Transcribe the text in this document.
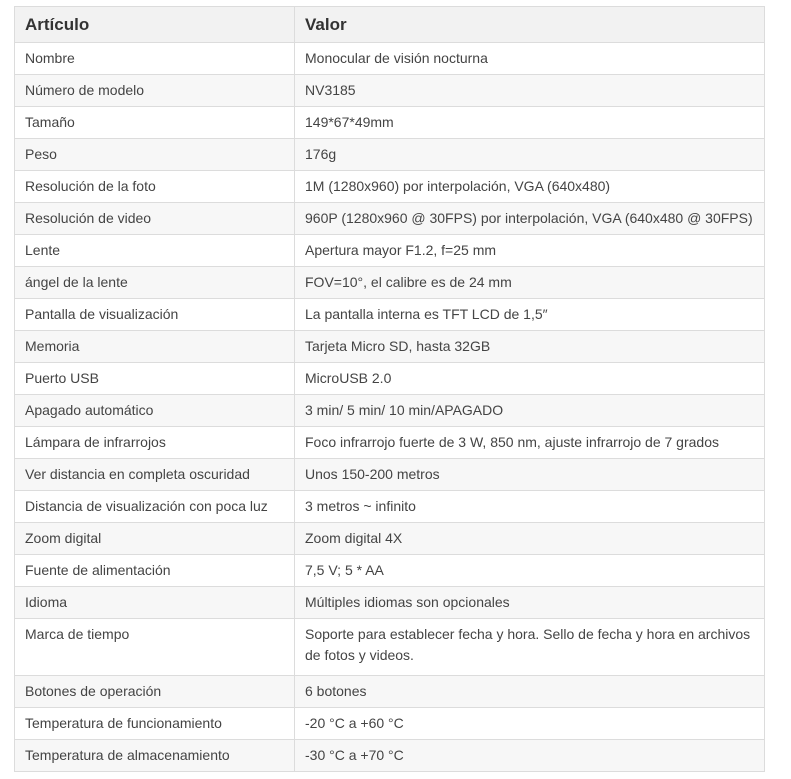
Artículo	Valor
Nombre	Monocular de visión nocturna
Número de modelo	NV3185
Tamaño	149*67*49mm
Peso	176g
Resolución de la foto	1M (1280x960) por interpolación, VGA (640x480)
Resolución de video	960P (1280x960 @ 30FPS) por interpolación, VGA (640x480 @ 30FPS)
Lente	Apertura mayor F1.2, f=25 mm
ángel de la lente	FOV=10°, el calibre es de 24 mm
Pantalla de visualización	La pantalla interna es TFT LCD de 1,5″
Memoria	Tarjeta Micro SD, hasta 32GB
Puerto USB	MicroUSB 2.0
Apagado automático	3 min/ 5 min/ 10 min/APAGADO
Lámpara de infrarrojos	Foco infrarrojo fuerte de 3 W, 850 nm, ajuste infrarrojo de 7 grados
Ver distancia en completa oscuridad	Unos 150-200 metros
Distancia de visualización con poca luz	3 metros ~ infinito
Zoom digital	Zoom digital 4X
Fuente de alimentación	7,5 V; 5 * AA
Idioma	Múltiples idiomas son opcionales
Marca de tiempo	Soporte para establecer fecha y hora. Sello de fecha y hora en archivos de fotos y videos.
Botones de operación	6 botones
Temperatura de funcionamiento	-20 °C a +60 °C
Temperatura de almacenamiento	-30 °C a +70 °C
